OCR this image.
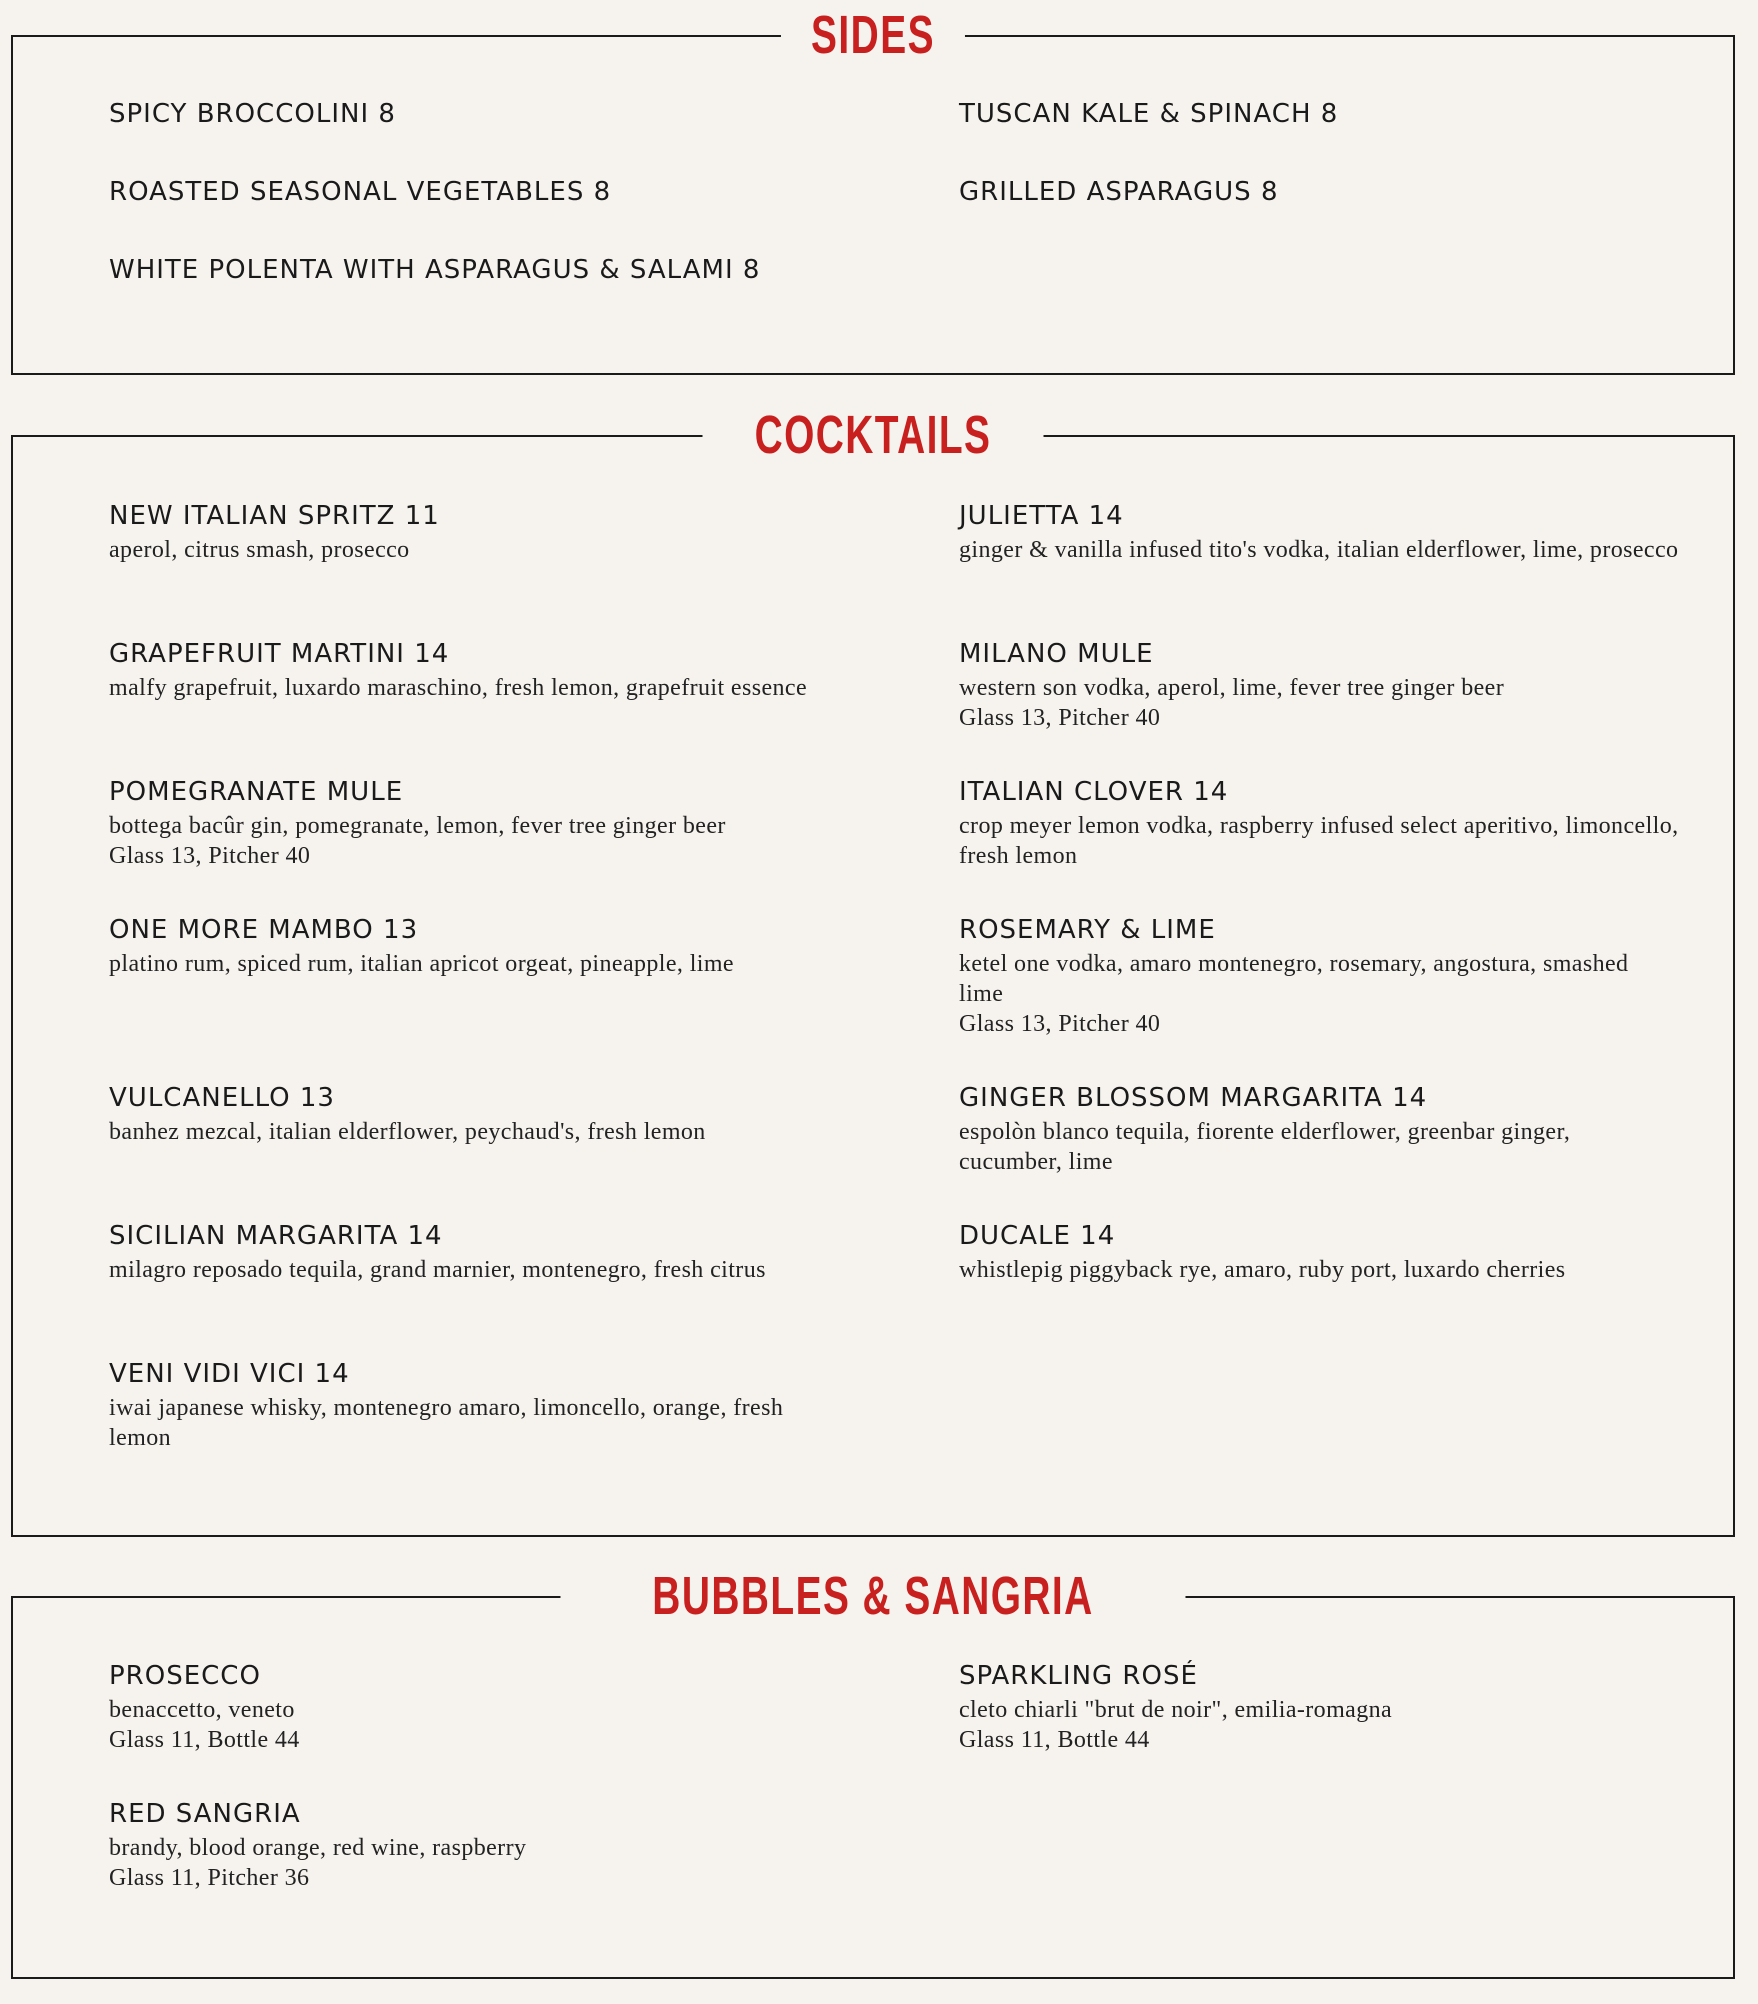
SIDES
SPICY BROCCOLINI 8
ROASTED SEASONAL VEGETABLES 8
WHITE POLENTA WITH ASPARAGUS & SALAMI 8
TUSCAN KALE & SPINACH 8
GRILLED ASPARAGUS 8
COCKTAILS
NEW ITALIAN SPRITZ 11
aperol, citrus smash, prosecco
GRAPEFRUIT MARTINI 14
malfy grapefruit, luxardo maraschino, fresh lemon, grapefruit essence
POMEGRANATE MULE
bottega bacûr gin, pomegranate, lemon, fever tree ginger beer
Glass 13, Pitcher 40
ONE MORE MAMBO 13
platino rum, spiced rum, italian apricot orgeat, pineapple, lime
VULCANELLO 13
banhez mezcal, italian elderflower, peychaud's, fresh lemon
SICILIAN MARGARITA 14
milagro reposado tequila, grand marnier, montenegro, fresh citrus
VENI VIDI VICI 14
iwai japanese whisky, montenegro amaro, limoncello, orange, fresh lemon
JULIETTA 14
ginger & vanilla infused tito's vodka, italian elderflower, lime, prosecco
MILANO MULE
western son vodka, aperol, lime, fever tree ginger beer
Glass 13, Pitcher 40
ITALIAN CLOVER 14
crop meyer lemon vodka, raspberry infused select aperitivo, limoncello, fresh lemon
ROSEMARY & LIME
ketel one vodka, amaro montenegro, rosemary, angostura, smashed lime
Glass 13, Pitcher 40
GINGER BLOSSOM MARGARITA 14
espolòn blanco tequila, fiorente elderflower, greenbar ginger, cucumber, lime
DUCALE 14
whistlepig piggyback rye, amaro, ruby port, luxardo cherries
BUBBLES & SANGRIA
PROSECCO
benaccetto, veneto
Glass 11, Bottle 44
RED SANGRIA
brandy, blood orange, red wine, raspberry
Glass 11, Pitcher 36
SPARKLING ROSÉ
cleto chiarli "brut de noir", emilia-romagna
Glass 11, Bottle 44
